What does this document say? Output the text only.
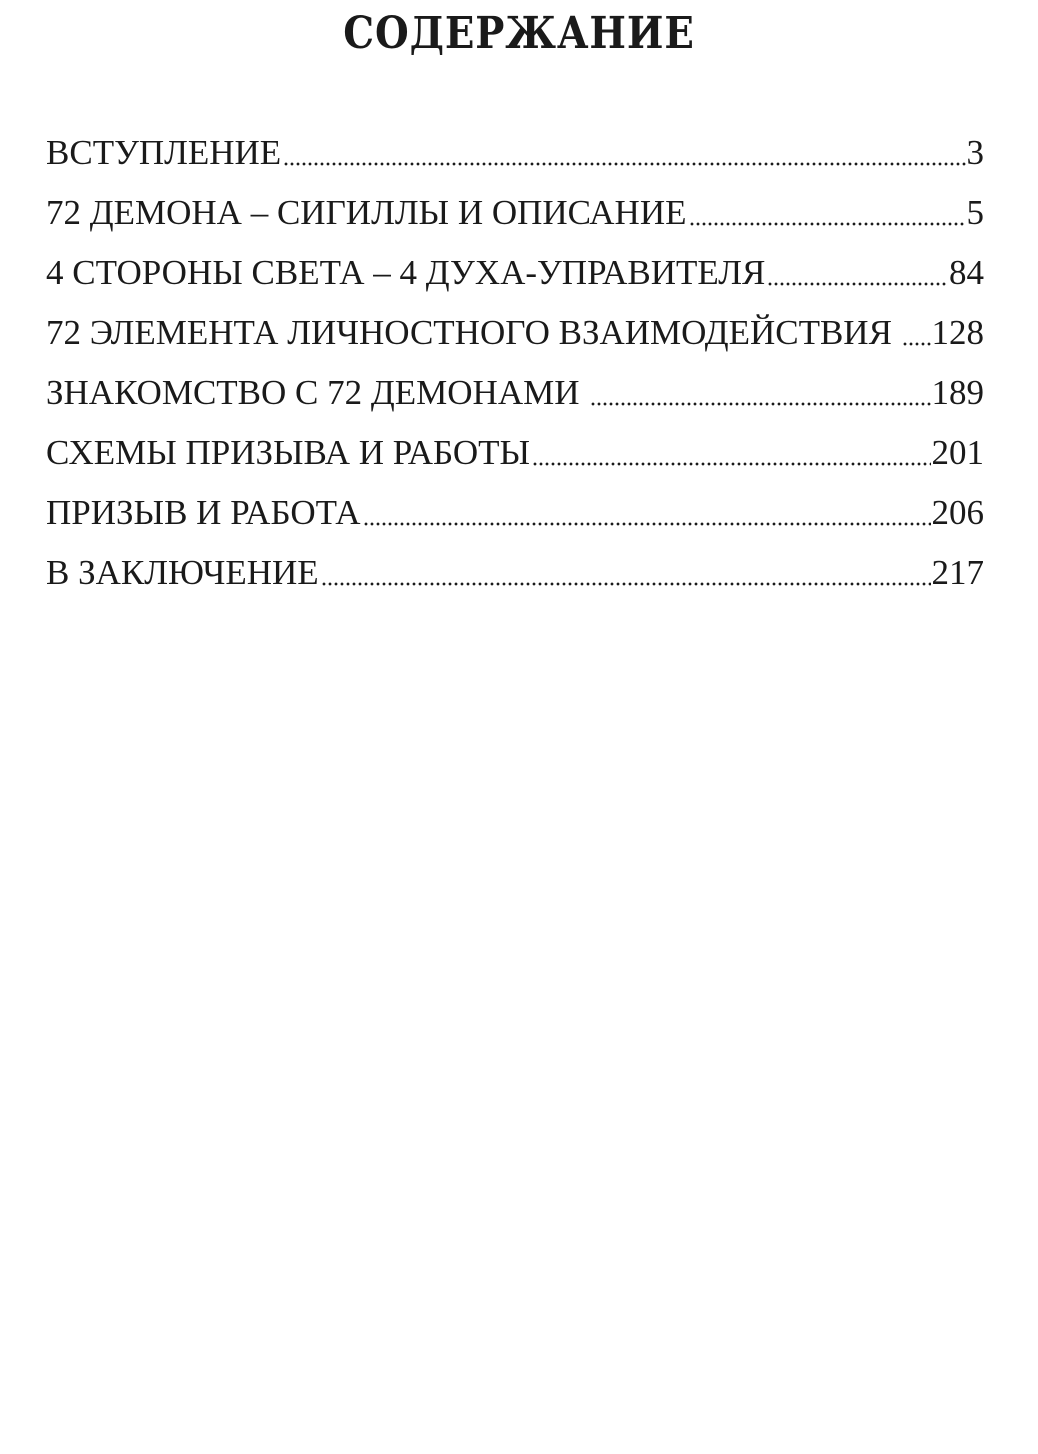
СОДЕРЖАНИЕ
ВСТУПЛЕНИЕ	3
72 ДЕМОНА – СИГИЛЛЫ И ОПИСАНИЕ	5
4 СТОРОНЫ СВЕТА – 4 ДУХА-УПРАВИТЕЛЯ	84
72 ЭЛЕМЕНТА ЛИЧНОСТНОГО ВЗАИМОДЕЙСТВИЯ 128
ЗНАКОМСТВО С 72 ДЕМОНАМИ	189
СХЕМЫ ПРИЗЫВА И РАБОТЫ	201
ПРИЗЫВ И РАБОТА	206
В ЗАКЛЮЧЕНИЕ	217
